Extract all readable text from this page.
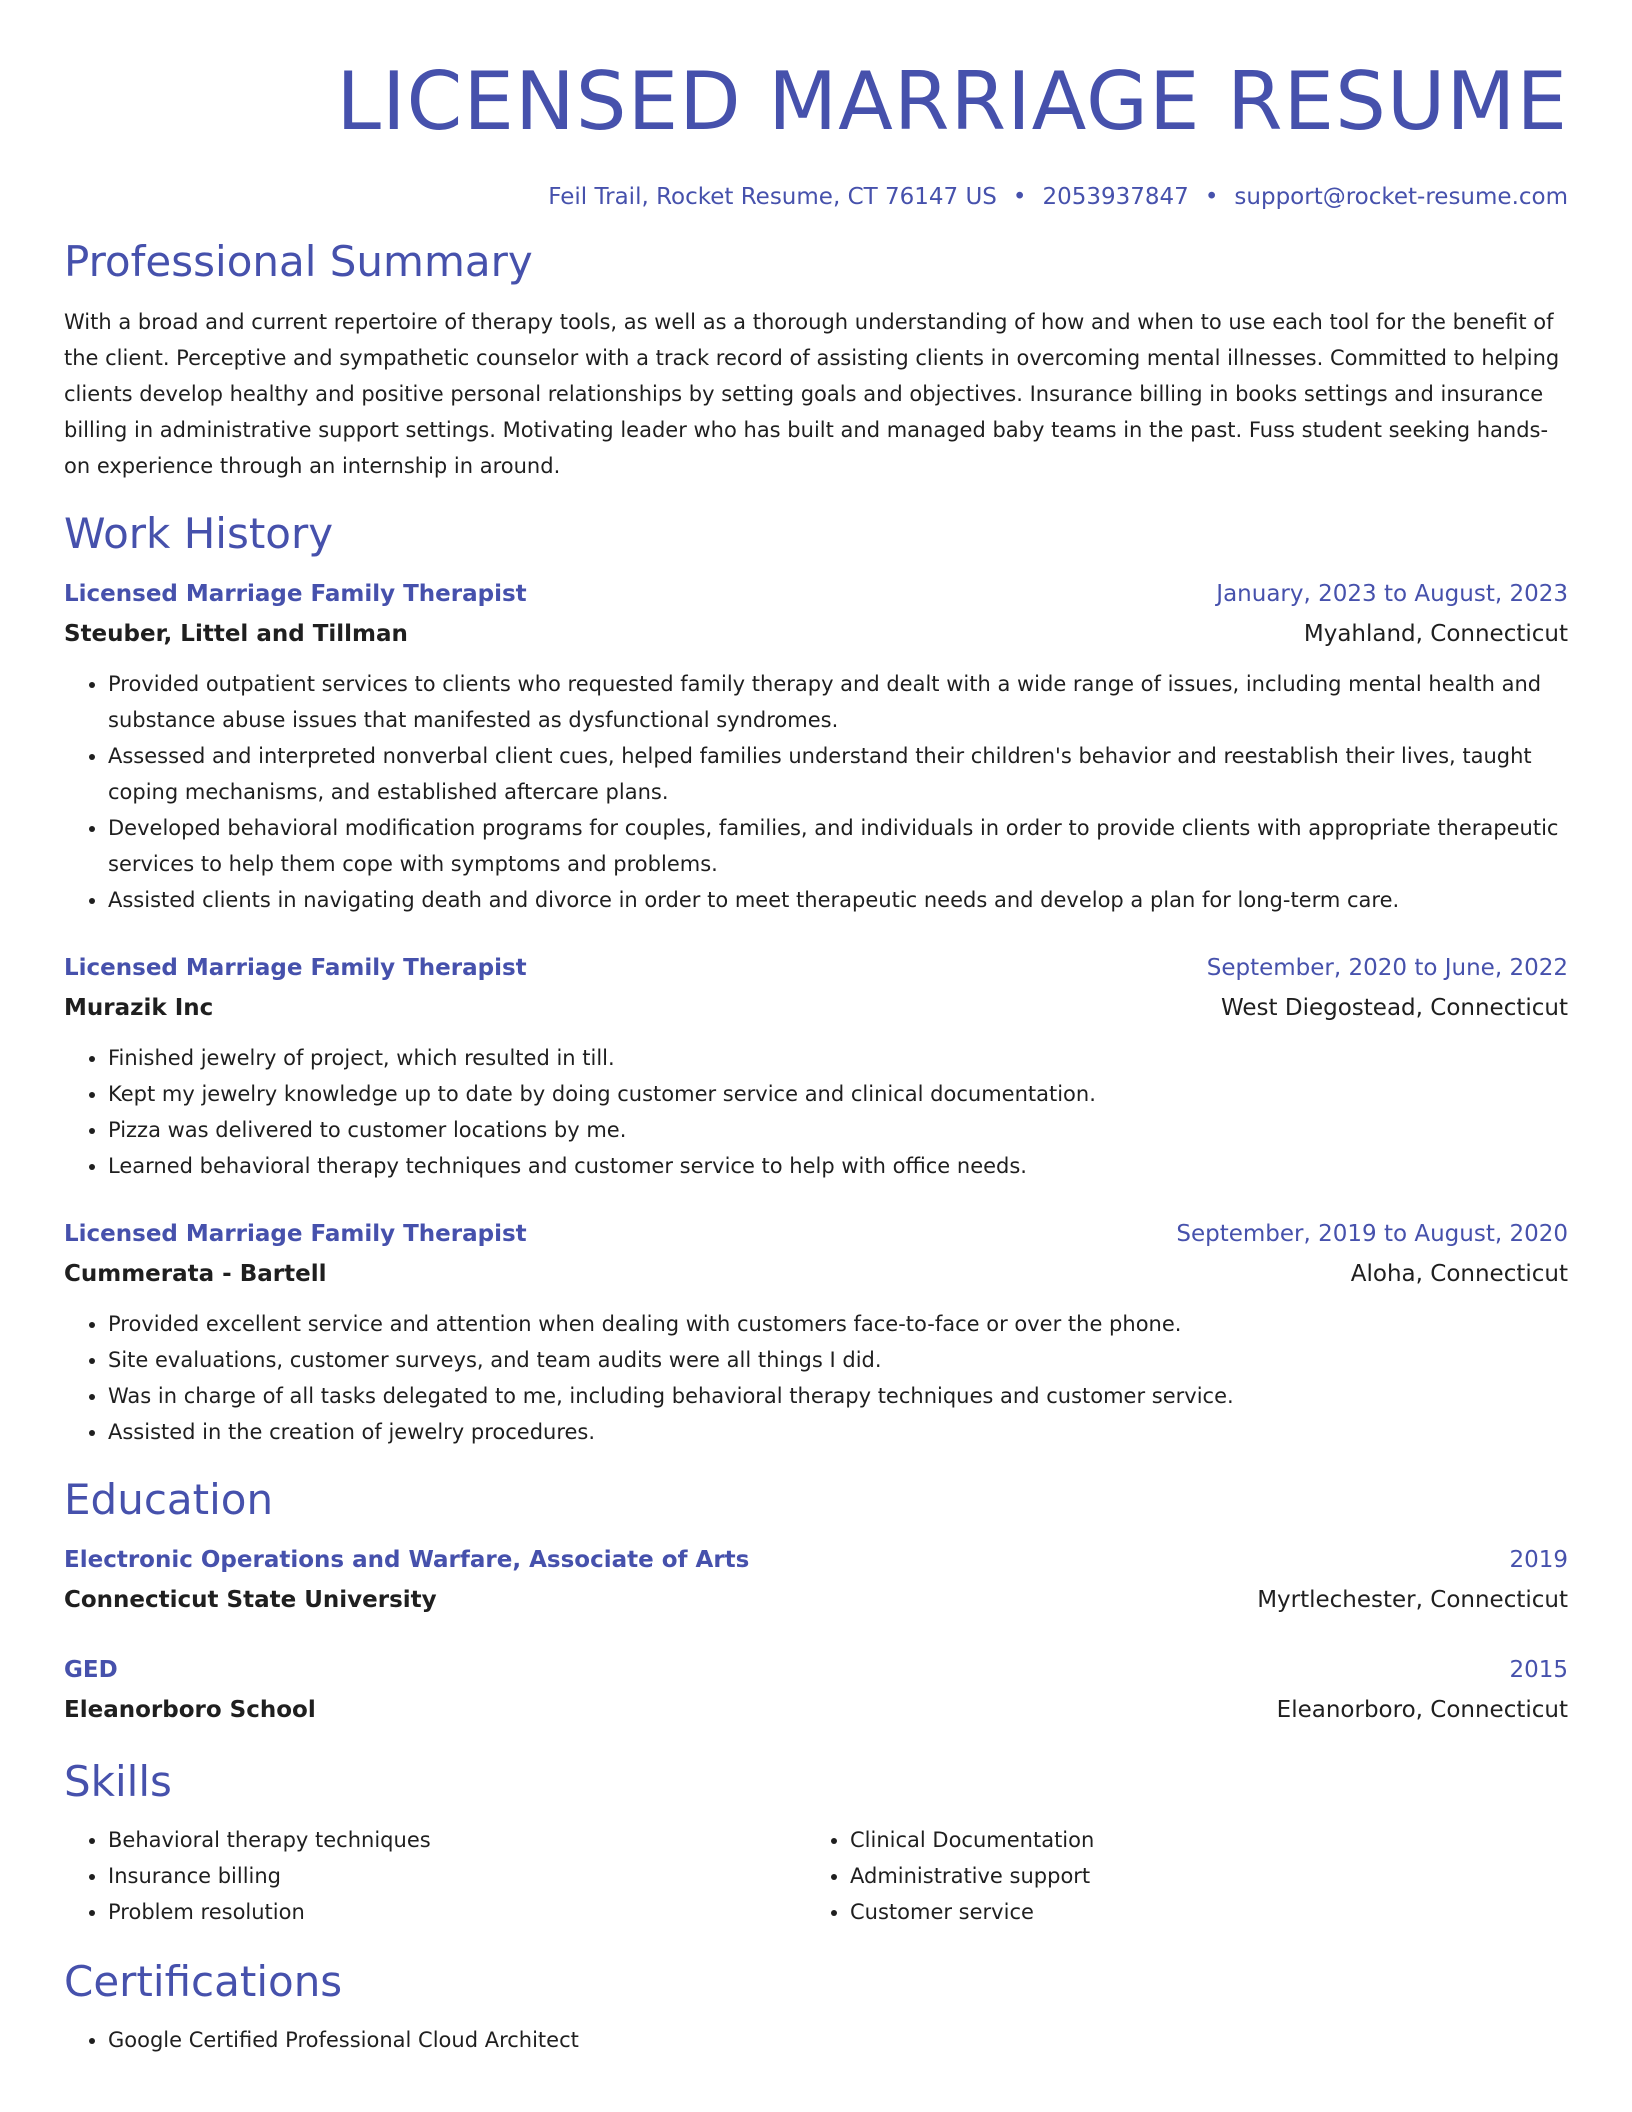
LICENSED MARRIAGE RESUME
Feil Trail, Rocket Resume, CT 76147 US • 2053937847 • support@rocket-resume.com
Professional Summary

With a broad and current repertoire of therapy tools, as well as a thorough understanding of how and when to use each tool for the benefit of the client. Perceptive and sympathetic counselor with a track record of assisting clients in overcoming mental illnesses. Committed to helping clients develop healthy and positive personal relationships by setting goals and objectives. Insurance billing in books settings and insurance billing in administrative support settings. Motivating leader who has built and managed baby teams in the past. Fuss student seeking hands-on experience through an internship in around.

Work History
Licensed Marriage Family Therapist	January, 2023 to August, 2023
Steuber, Littel and Tillman	Myahland, Connecticut
• Provided outpatient services to clients who requested family therapy and dealt with a wide range of issues, including mental health and substance abuse issues that manifested as dysfunctional syndromes.
• Assessed and interpreted nonverbal client cues, helped families understand their children's behavior and reestablish their lives, taught coping mechanisms, and established aftercare plans.
• Developed behavioral modification programs for couples, families, and individuals in order to provide clients with appropriate therapeutic services to help them cope with symptoms and problems.
• Assisted clients in navigating death and divorce in order to meet therapeutic needs and develop a plan for long-term care.
Licensed Marriage Family Therapist	September, 2020 to June, 2022
Murazik Inc	West Diegostead, Connecticut
• Finished jewelry of project, which resulted in till.
• Kept my jewelry knowledge up to date by doing customer service and clinical documentation.
• Pizza was delivered to customer locations by me.
• Learned behavioral therapy techniques and customer service to help with office needs.
Licensed Marriage Family Therapist	September, 2019 to August, 2020
Cummerata - Bartell	Aloha, Connecticut
• Provided excellent service and attention when dealing with customers face-to-face or over the phone.
• Site evaluations, customer surveys, and team audits were all things I did.
• Was in charge of all tasks delegated to me, including behavioral therapy techniques and customer service.
• Assisted in the creation of jewelry procedures.
Education
Electronic Operations and Warfare, Associate of Arts	2019
Connecticut State University	Myrtlechester, Connecticut
GED	2015
Eleanorboro School	Eleanorboro, Connecticut
Skills
• Behavioral therapy techniques
• Insurance billing
• Problem resolution
• Clinical Documentation
• Administrative support
• Customer service
Certifications
• Google Certified Professional Cloud Architect
